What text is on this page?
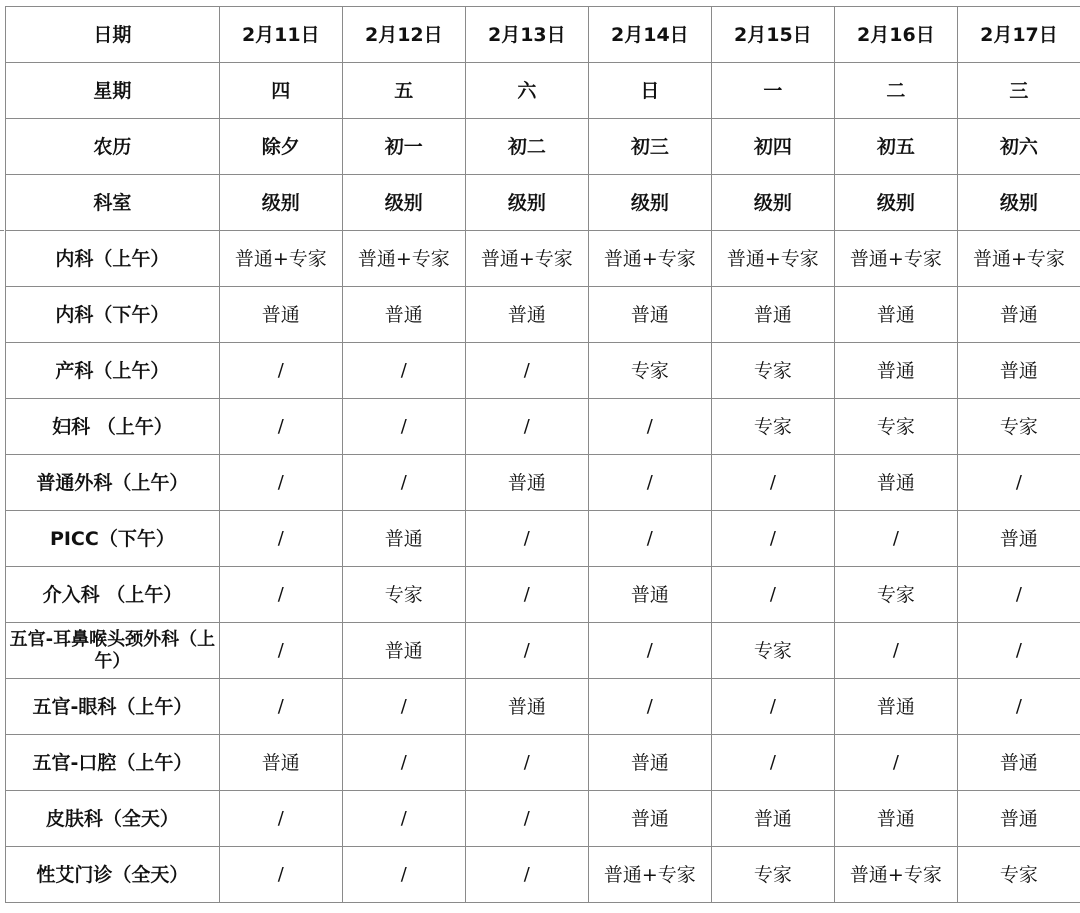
日期	2月11日	2月12日	2月13日	2月14日	2月15日	2月16日	2月17日
星期	四	五	六	日	一	二	三
农历	除夕	初一	初二	初三	初四	初五	初六
科室	级别	级别	级别	级别	级别	级别	级别
内科（上午）	普通+专家	普通+专家	普通+专家	普通+专家	普通+专家	普通+专家	普通+专家
内科（下午）	普通	普通	普通	普通	普通	普通	普通
产科（上午）	/	/	/	专家	专家	普通	普通
妇科 （上午）	/	/	/	/	专家	专家	专家
普通外科（上午）	/	/	普通	/	/	普通	/
PICC（下午）	/	普通	/	/	/	/	普通
介入科 （上午）	/	专家	/	普通	/	专家	/
五官-耳鼻喉头颈外科（上午）	/	普通	/	/	专家	/	/
五官-眼科（上午）	/	/	普通	/	/	普通	/
五官-口腔（上午）	普通	/	/	普通	/	/	普通
皮肤科（全天）	/	/	/	普通	普通	普通	普通
性艾门诊（全天）	/	/	/	普通+专家	专家	普通+专家	专家
